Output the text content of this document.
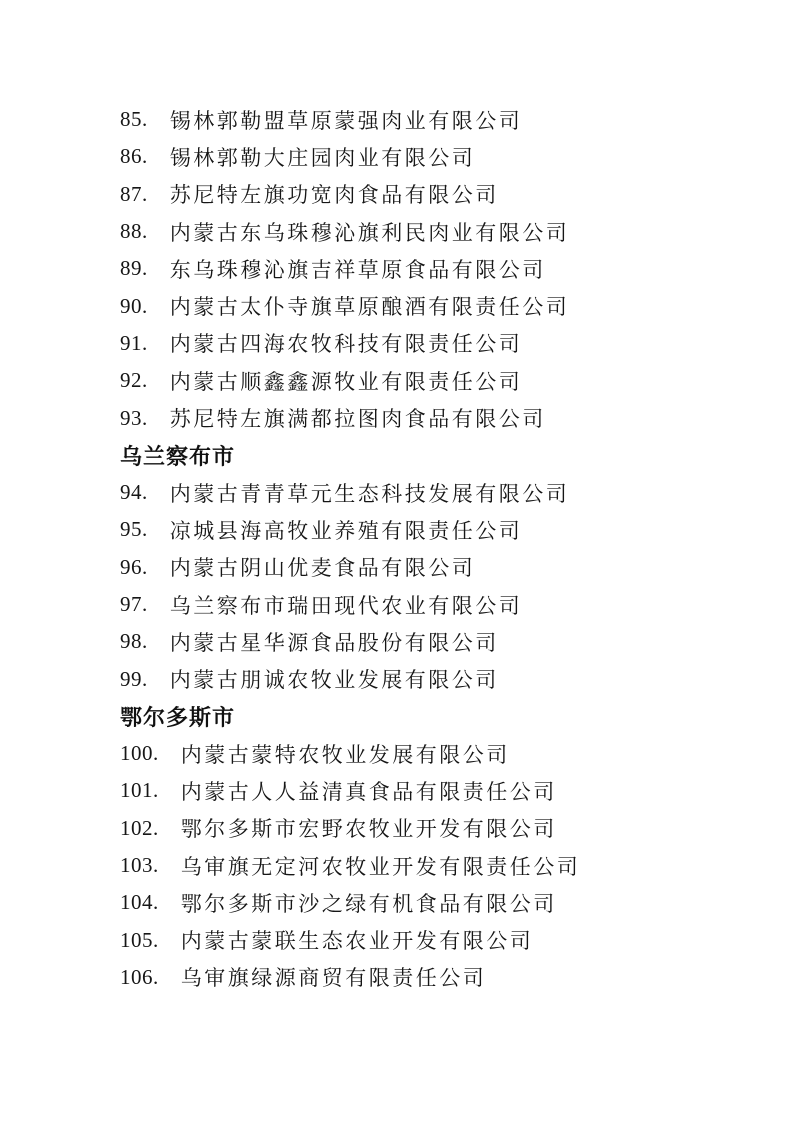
85. 锡林郭勒盟草原蒙强肉业有限公司
86. 锡林郭勒大庄园肉业有限公司
87. 苏尼特左旗功宽肉食品有限公司
88. 内蒙古东乌珠穆沁旗利民肉业有限公司
89. 东乌珠穆沁旗吉祥草原食品有限公司
90. 内蒙古太仆寺旗草原酿酒有限责任公司
91. 内蒙古四海农牧科技有限责任公司
92. 内蒙古顺鑫鑫源牧业有限责任公司
93. 苏尼特左旗满都拉图肉食品有限公司
乌兰察布市
94. 内蒙古青青草元生态科技发展有限公司
95. 凉城县海高牧业养殖有限责任公司
96. 内蒙古阴山优麦食品有限公司
97. 乌兰察布市瑞田现代农业有限公司
98. 内蒙古星华源食品股份有限公司
99. 内蒙古朋诚农牧业发展有限公司
鄂尔多斯市
100. 内蒙古蒙特农牧业发展有限公司
101. 内蒙古人人益清真食品有限责任公司
102. 鄂尔多斯市宏野农牧业开发有限公司
103. 乌审旗无定河农牧业开发有限责任公司
104. 鄂尔多斯市沙之绿有机食品有限公司
105. 内蒙古蒙联生态农业开发有限公司
106. 乌审旗绿源商贸有限责任公司
